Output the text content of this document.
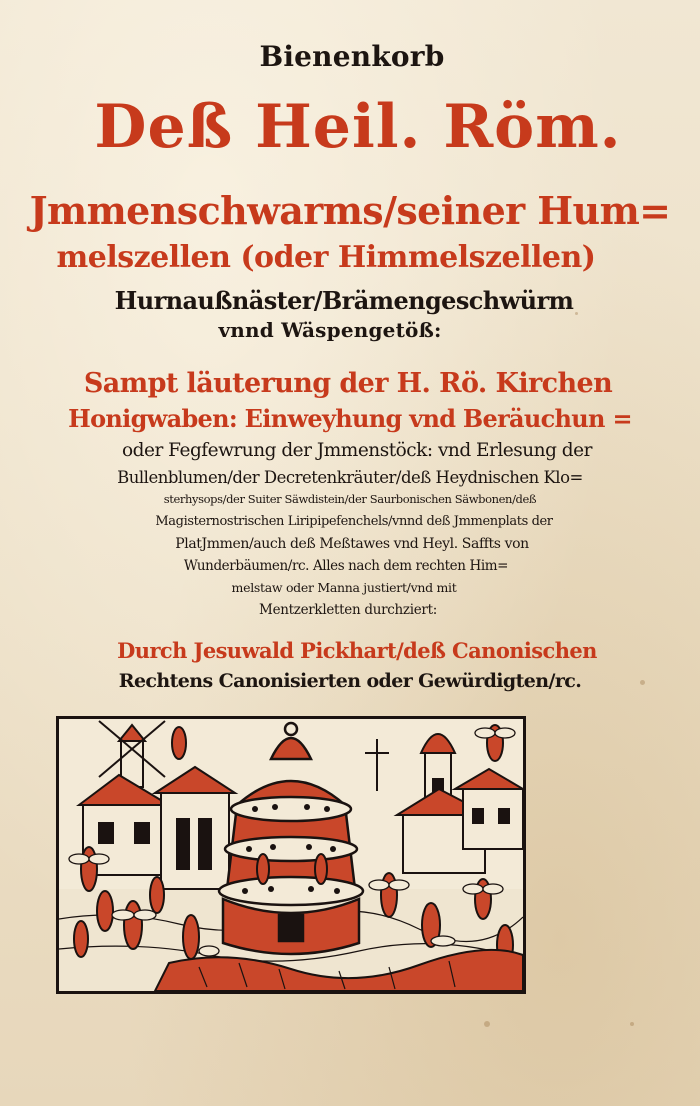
Bienenkorb
Deß Heil. Röm.
Jmmenschwarms/seiner Hum=
melszellen (oder Himmelszellen)
Hurnaußnäster/Brämengeschwürm
vnnd Wäspengetöß:
Sampt läuterung der H. Rö. Kirchen
Honigwaben: Einweyhung vnd Beräuchun =
oder Fegfewrung der Jmmenstöck: vnd Erlesung der
Bullenblumen/der Decretenkräuter/deß Heydnischen Klo=
sterhysops/der Suiter Säwdistein/der Saurbonischen Säwbonen/deß
Magisternostrischen Liripipefenchels/vnnd deß Jmmenplats der
PlatJmmen/auch deß Meßtawes vnd Heyl. Saffts von
Wunderbäumen/rc. Alles nach dem rechten Him=
melstaw oder Manna justiert/vnd mit
Mentzerkletten durchziert:
Durch Jesuwald Pickhart/deß Canonischen
Rechtens Canonisierten oder Gewürdigten/rc.
